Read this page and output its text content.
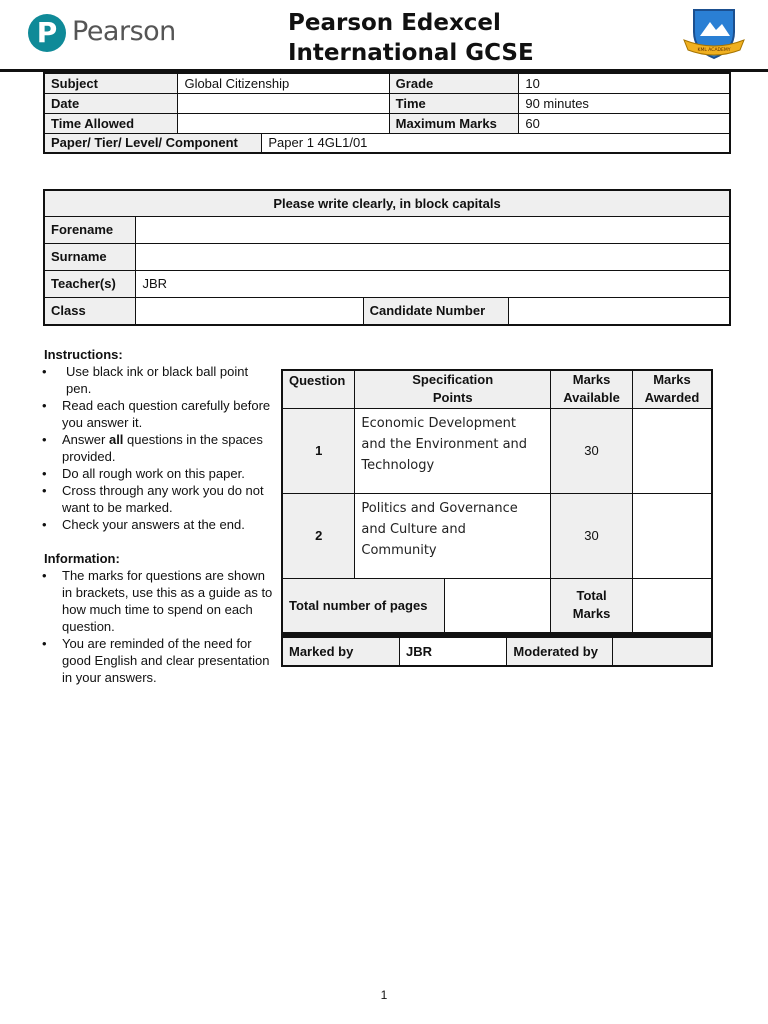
P Pearson	Pearson Edexcel
International GCSE	KML ACADEMY
Subject	Global Citizenship		Grade	10
Date			Time	90 minutes
Time Allowed			Maximum Marks	60
Paper/ Tier/ Level/ Component		Paper 1 4GL1/01		
Please write clearly, in block capitals			
Forename			
Surname			
Teacher(s)	JBR		
Class		Candidate Number	
Instructions:
• Use black ink or black ball point pen.
• Read each question carefully before you answer it.
• Answer all questions in the spaces provided.
• Do all rough work on this paper.
• Cross through any work you do not want to be marked.
• Check your answers at the end.
Information:
• The marks for questions are shown in brackets, use this as a guide as to how much time to spend on each question.
• You are reminded of the need for good English and clear presentation in your answers.
Question	Specification Points		Marks Available	Marks Awarded

1	Economic Development and the Environment and Technology		30	
2	Politics and Governance and Culture and Community		30	
Total number of pages			Total Marks	

Marked by	JBR	Moderated by	
1
